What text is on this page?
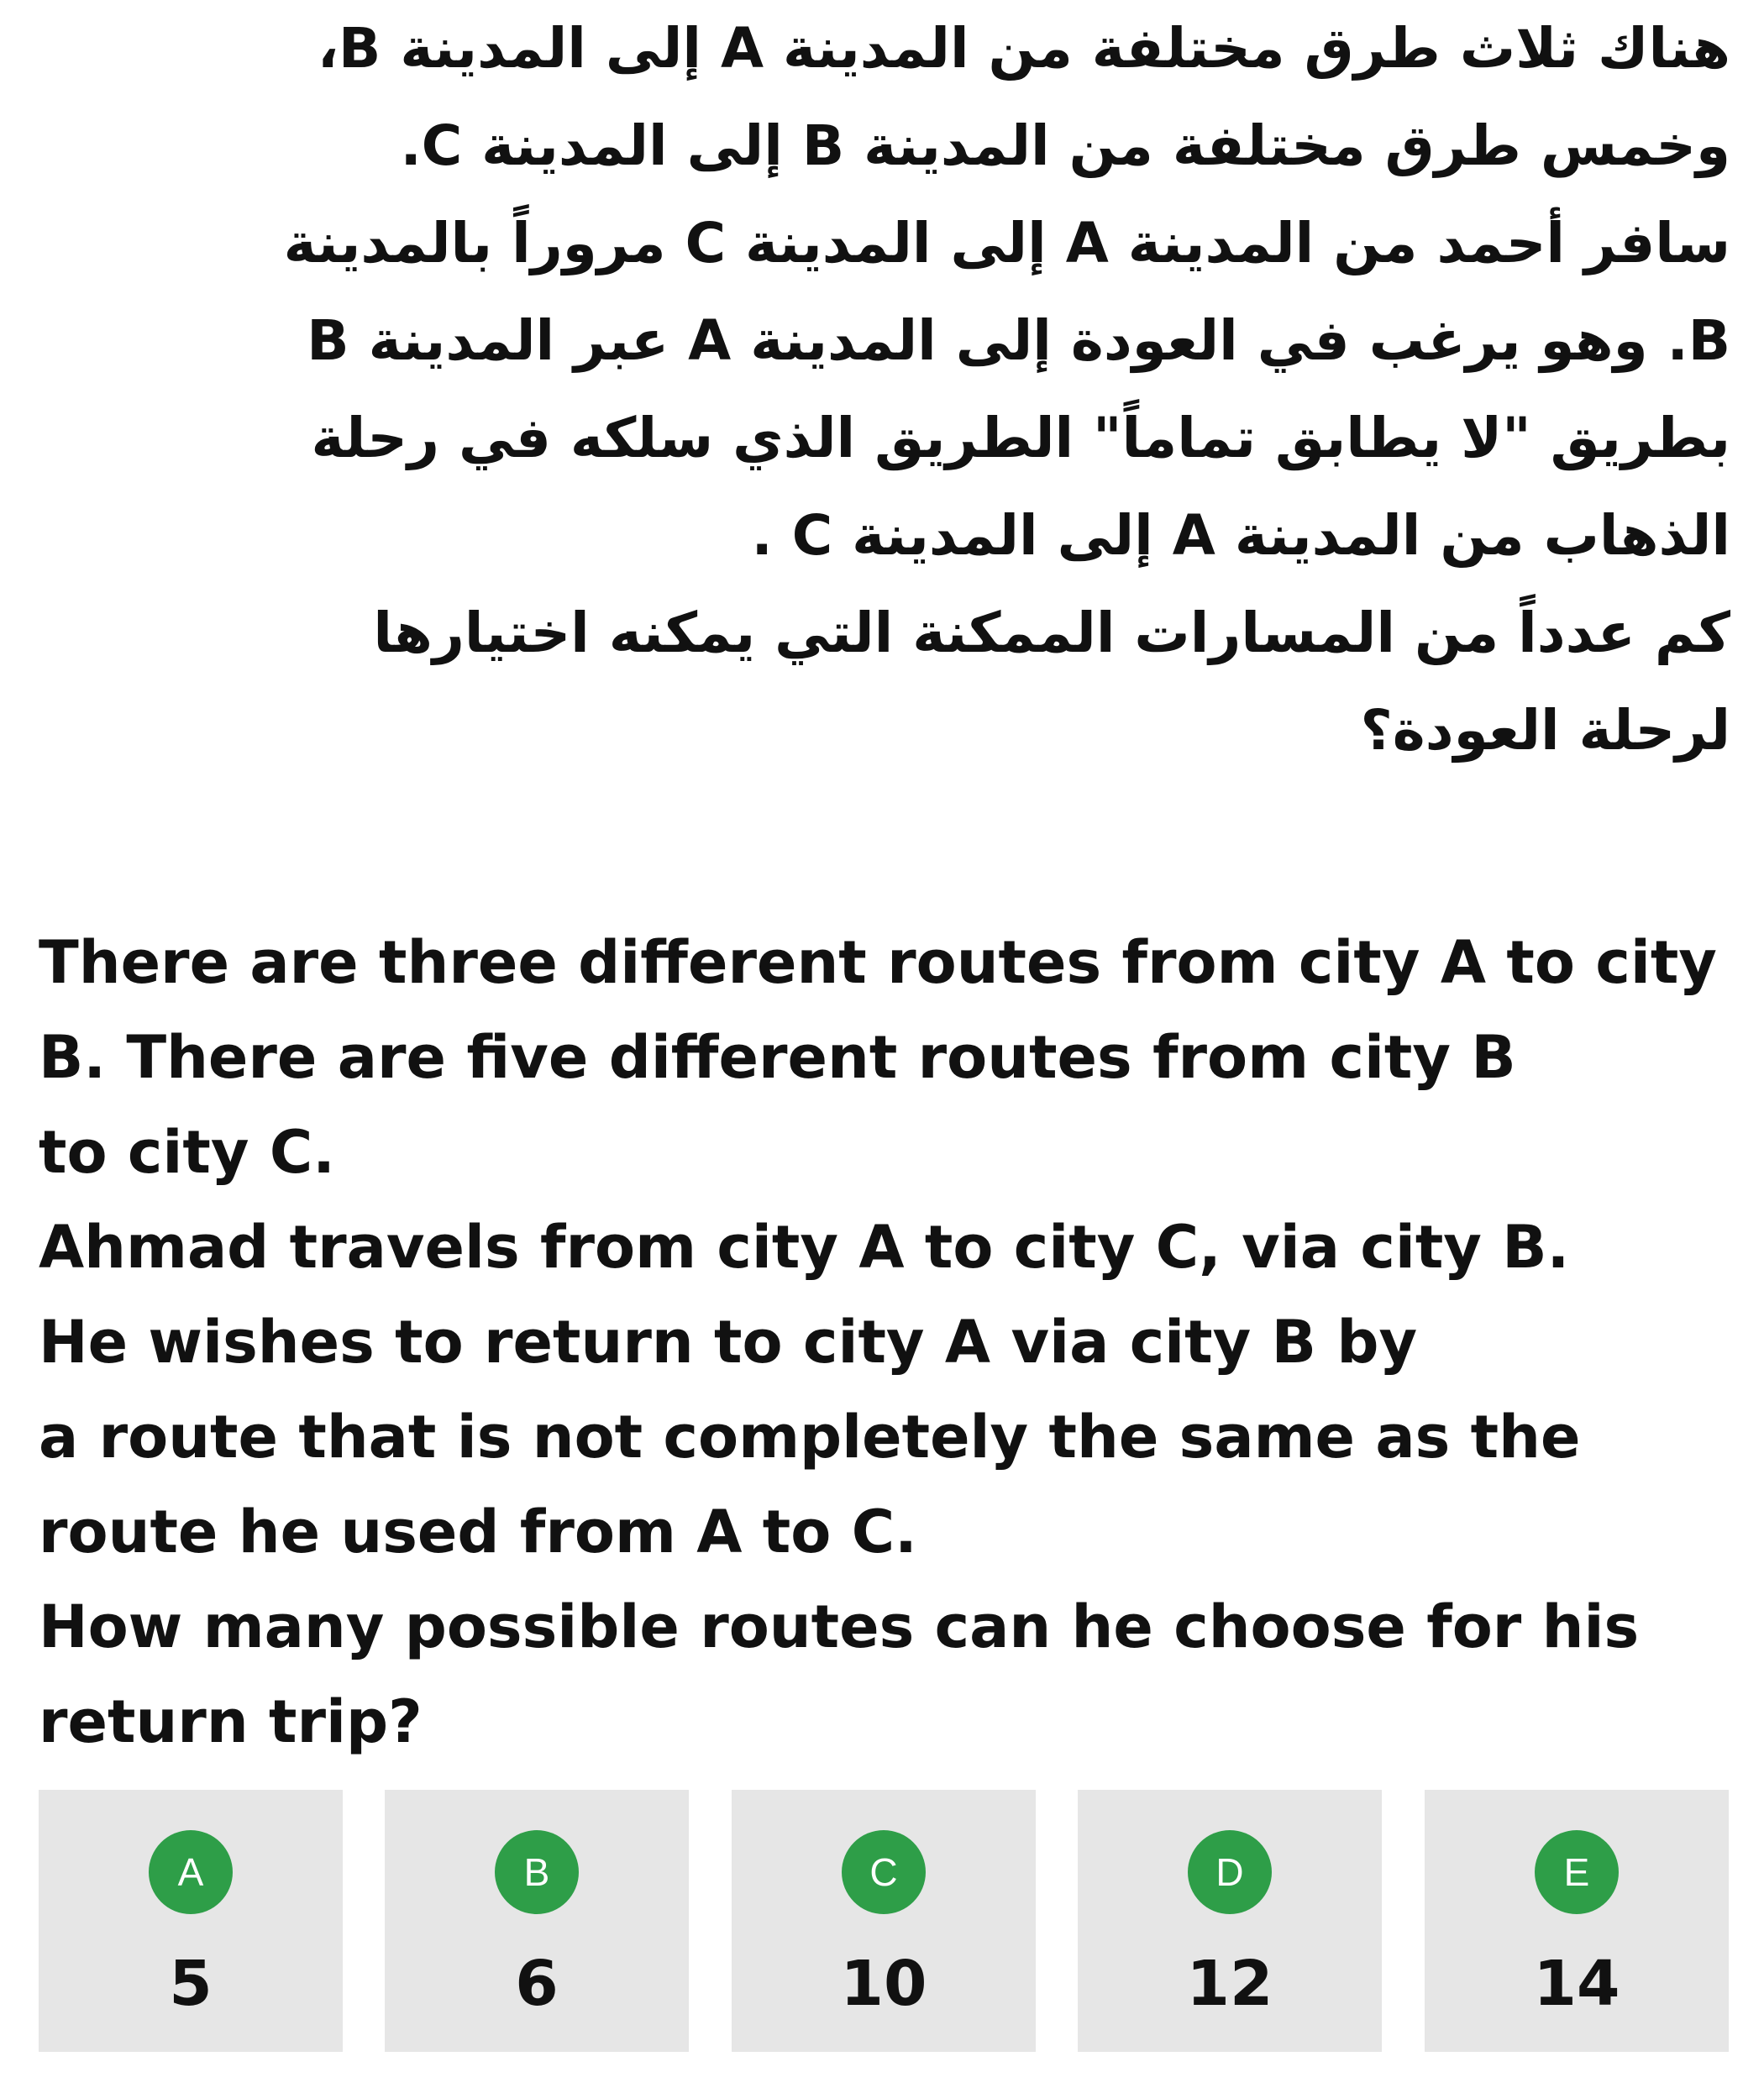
هناك ثلاث طرق مختلفة من المدينة A إلى المدينة B،
وخمس طرق مختلفة من المدينة B إلى المدينة C.
سافر أحمد من المدينة A إلى المدينة C مروراً بالمدينة
B. وهو يرغب في العودة إلى المدينة A عبر المدينة B
بطريق "لا يطابق تماماً" الطريق الذي سلكه في رحلة
الذهاب من المدينة A إلى المدينة C .
كم عدداً من المسارات الممكنة التي يمكنه اختيارها
لرحلة العودة؟
There are three different routes from city A to city
B. There are five different routes from city B
to city C.
Ahmad travels from city A to city C, via city B.
He wishes to return to city A via city B by
a route that is not completely the same as the
route he used from A to C.
How many possible routes can he choose for his
return trip?
A
5
B
6
C
10
D
12
E
14
